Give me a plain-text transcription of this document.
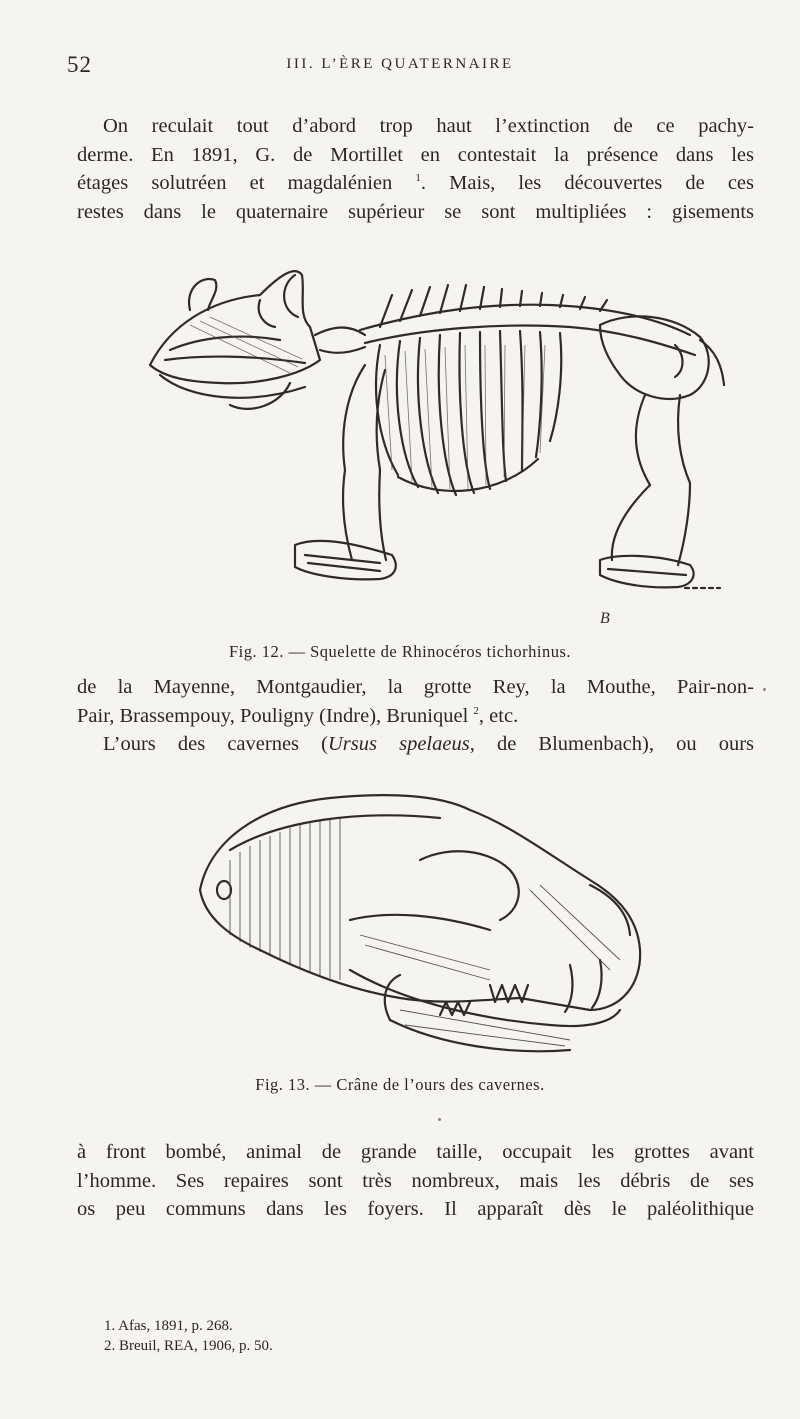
52	III. L’ÈRE QUATERNAIRE

On reculait tout d’abord trop haut l’extinction de ce pachy-
derme. En 1891, G. de Mortillet en contestait la présence dans les
étages solutréen et magdalénien $^1$. Mais, les découvertes de ces
restes dans le quaternaire supérieur se sont multipliées : gisements

B
Fig. 12. — Squelette de Rhinocéros tichorhinus.

de la Mayenne, Montgaudier, la grotte Rey, la Mouthe, Pair-non-
Pair, Brassempouy, Pouligny (Indre), Bruniquel $^2$, etc.
L’ours des cavernes (Ursus spelaeus, de Blumenbach), ou ours

Fig. 13. — Crâne de l’ours des cavernes.

à front bombé, animal de grande taille, occupait les grottes avant
l’homme. Ses repaires sont très nombreux, mais les débris de ses
os peu communs dans les foyers. Il apparaît dès le paléolithique

1. Afas, 1891, p. 268.
2. Breuil, REA, 1906, p. 50.
